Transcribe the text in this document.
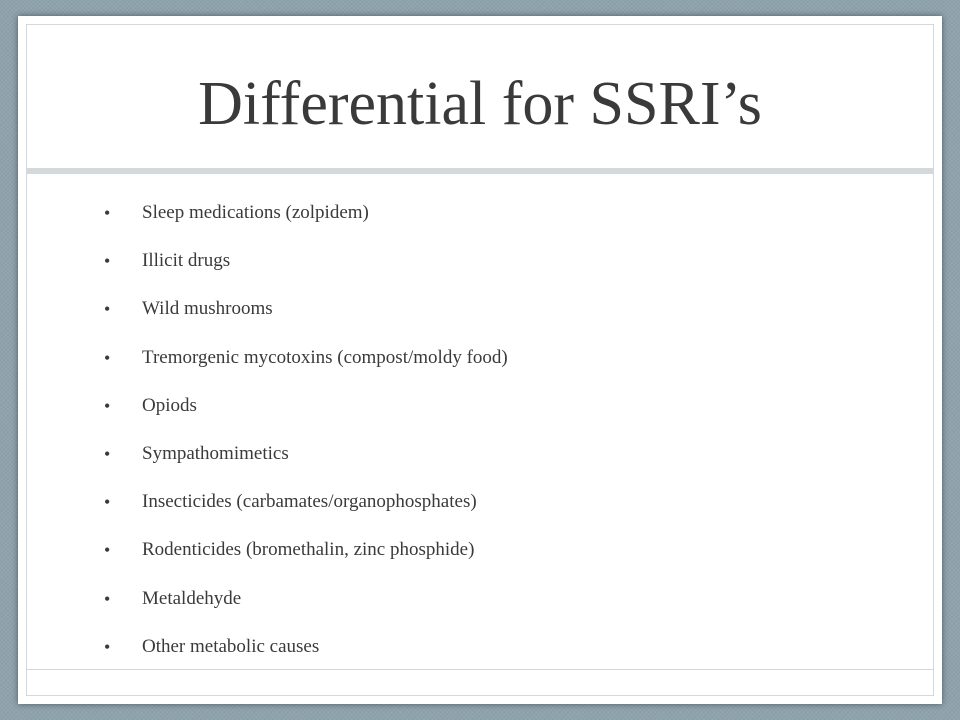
Differential for SSRI’s
• Sleep medications (zolpidem)
• Illicit drugs
• Wild mushrooms
• Tremorgenic mycotoxins (compost/moldy food)
• Opiods
• Sympathomimetics
• Insecticides (carbamates/organophosphates)
• Rodenticides (bromethalin, zinc phosphide)
• Metaldehyde
• Other metabolic causes
